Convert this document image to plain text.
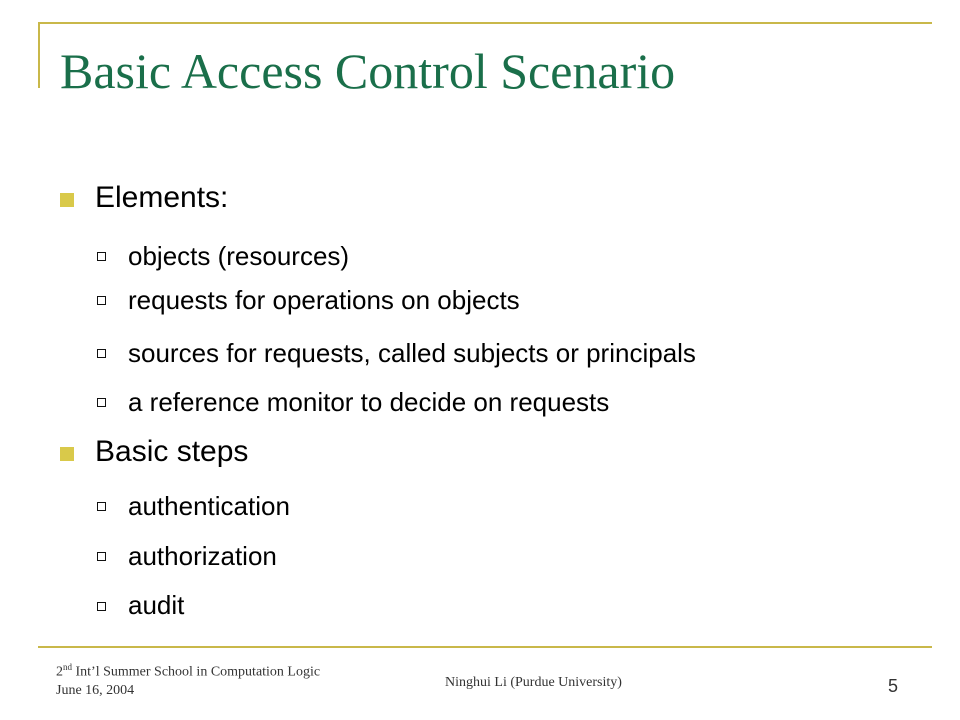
Basic Access Control Scenario
Elements:
objects (resources)
requests for operations on objects
sources for requests, called subjects or principals
a reference monitor to decide on requests
Basic steps
authentication
authorization
audit
2nd Int’l Summer School in Computation Logic
June 16, 2004
Ninghui Li (Purdue University)	5
